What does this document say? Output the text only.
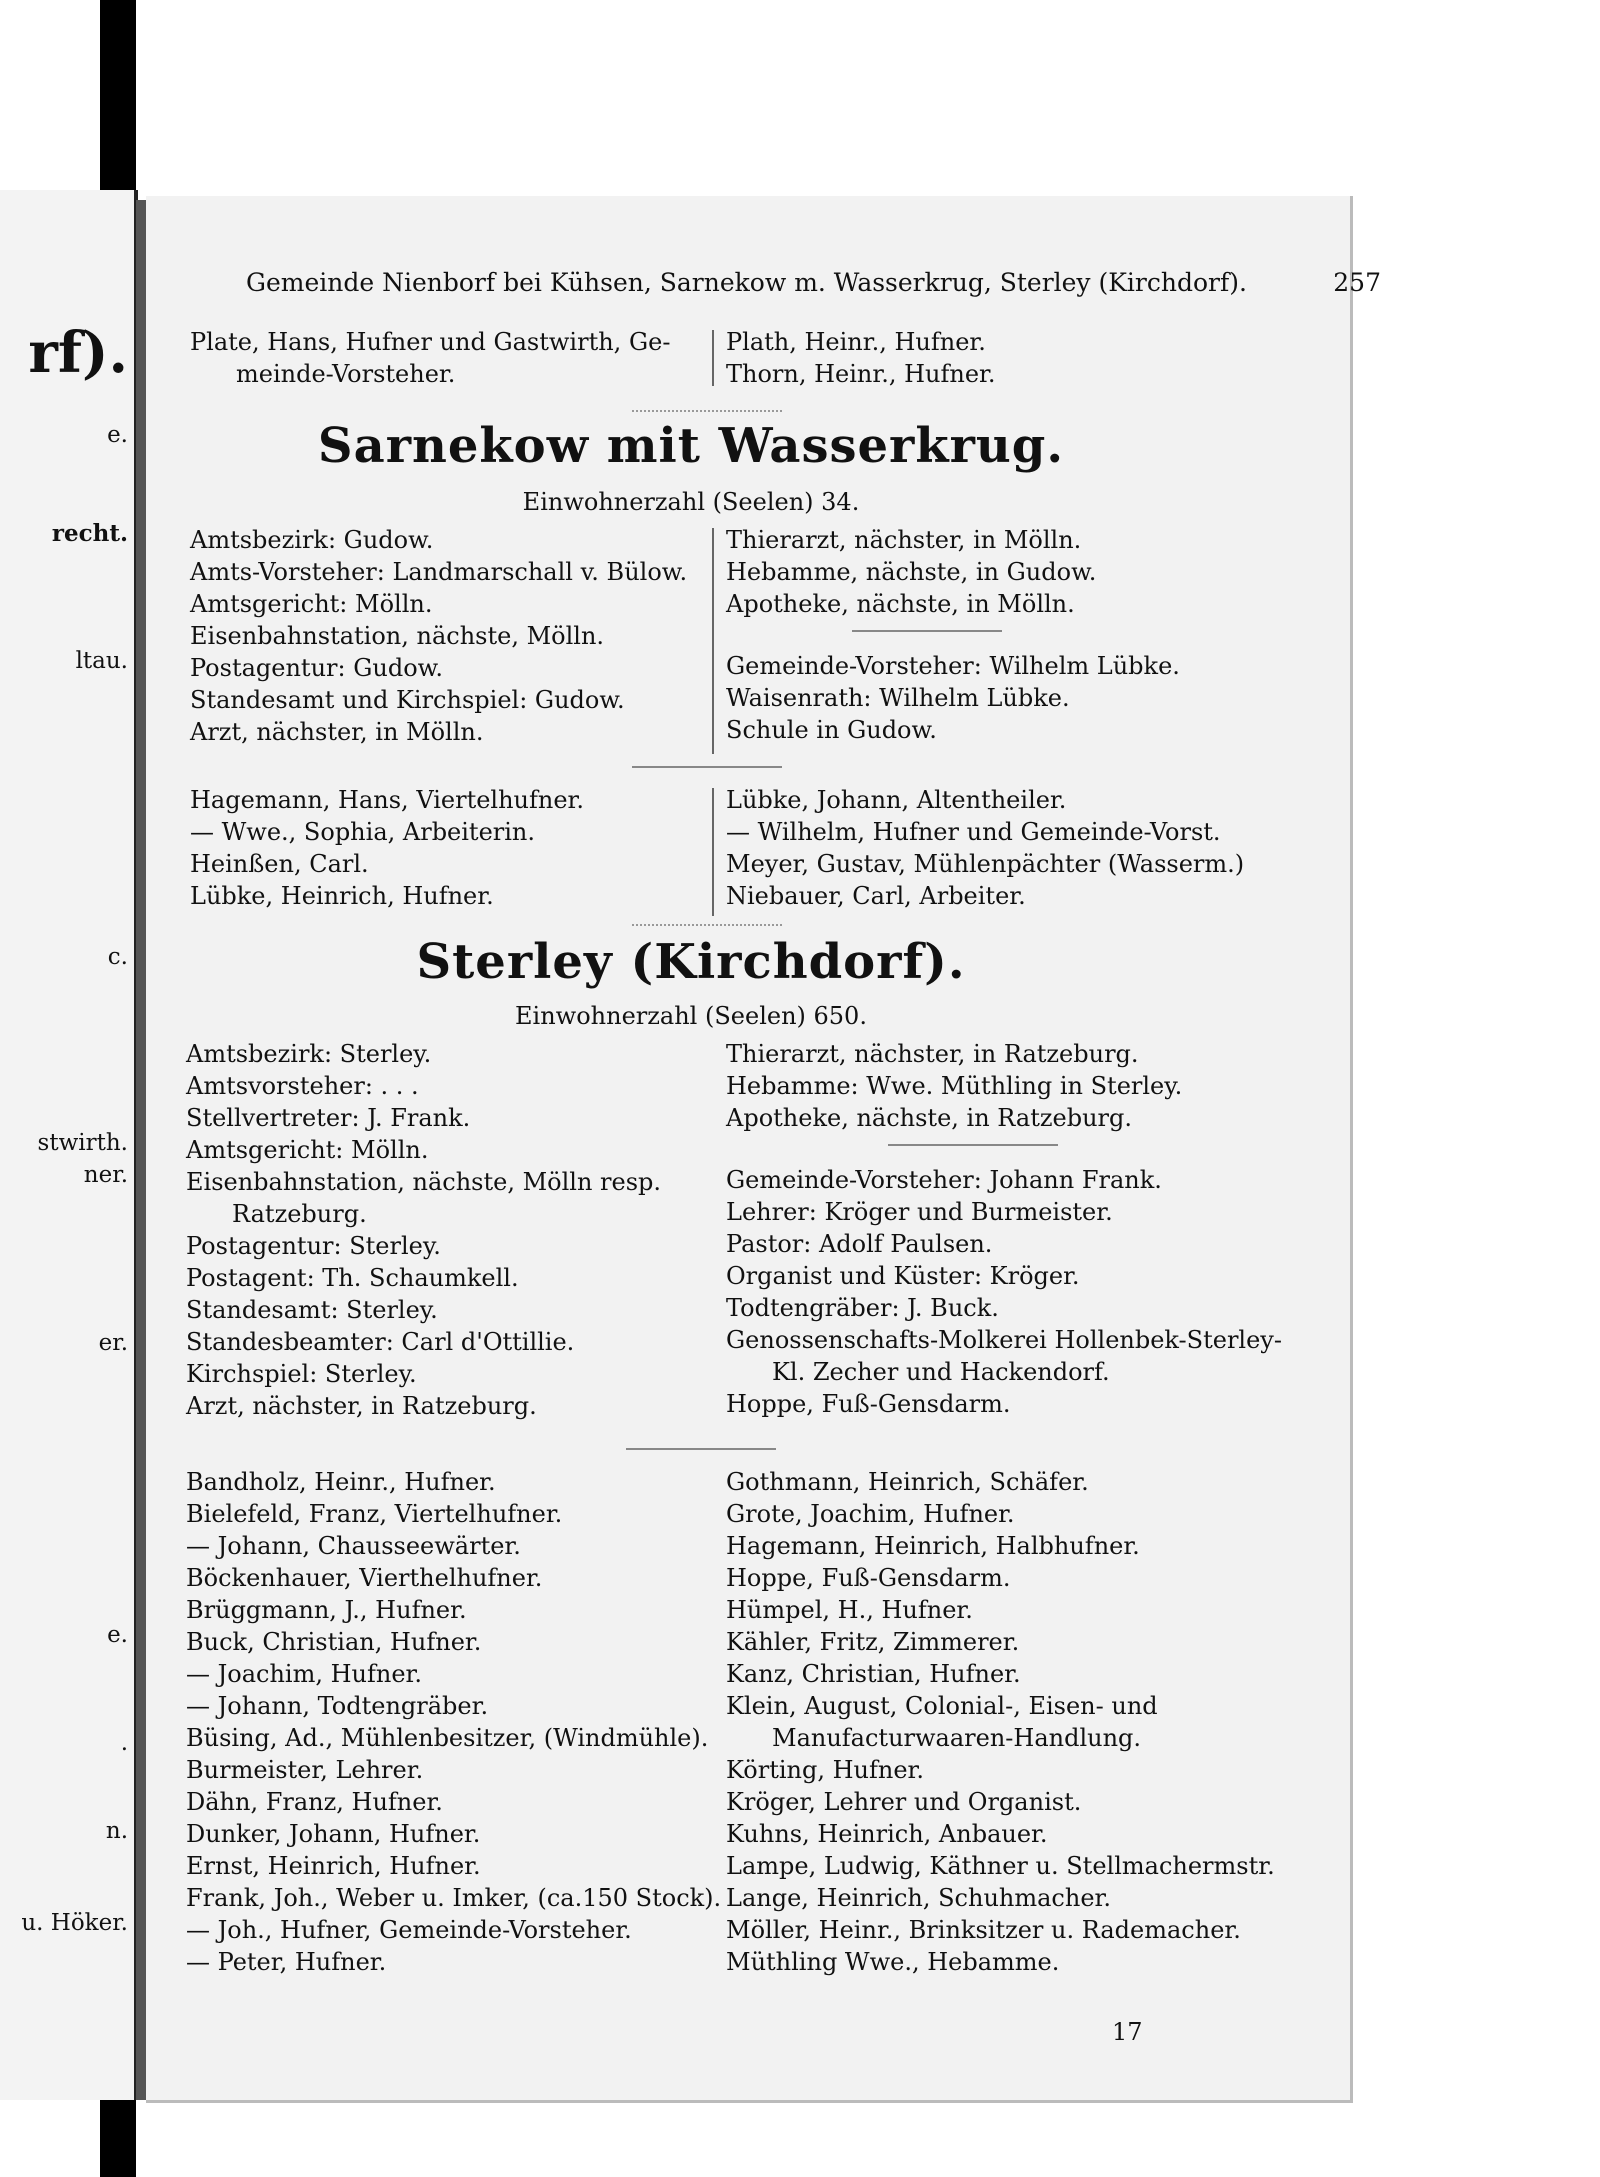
rf).
e.
recht.
ltau.
c.
stwirth.
ner.
er.
e.
.
n.
u. Höker.
Gemeinde Nienborf bei Kühsen, Sarnekow m. Wasserkrug, Sterley (Kirchdorf).	257
Plate, Hans, Hufner und Gastwirth, Ge-
meinde-Vorsteher.
Plath, Heinr., Hufner.
Thorn, Heinr., Hufner.
Sarnekow mit Wasserkrug.
Einwohnerzahl (Seelen) 34.
Amtsbezirk: Gudow.
Amts-Vorsteher: Landmarschall v. Bülow.
Amtsgericht: Mölln.
Eisenbahnstation, nächste, Mölln.
Postagentur: Gudow.
Standesamt und Kirchspiel: Gudow.
Arzt, nächster, in Mölln.
Thierarzt, nächster, in Mölln.
Hebamme, nächste, in Gudow.
Apotheke, nächste, in Mölln.
Gemeinde-Vorsteher: Wilhelm Lübke.
Waisenrath: Wilhelm Lübke.
Schule in Gudow.
Hagemann, Hans, Viertelhufner.
— Wwe., Sophia, Arbeiterin.
Heinßen, Carl.
Lübke, Heinrich, Hufner.
Lübke, Johann, Altentheiler.
— Wilhelm, Hufner und Gemeinde-Vorst.
Meyer, Gustav, Mühlenpächter (Wasserm.)
Niebauer, Carl, Arbeiter.
Sterley (Kirchdorf).
Einwohnerzahl (Seelen) 650.
Amtsbezirk: Sterley.
Amtsvorsteher: . . .
Stellvertreter: J. Frank.
Amtsgericht: Mölln.
Eisenbahnstation, nächste, Mölln resp.
Ratzeburg.
Postagentur: Sterley.
Postagent: Th. Schaumkell.
Standesamt: Sterley.
Standesbeamter: Carl d'Ottillie.
Kirchspiel: Sterley.
Arzt, nächster, in Ratzeburg.
Thierarzt, nächster, in Ratzeburg.
Hebamme: Wwe. Müthling in Sterley.
Apotheke, nächste, in Ratzeburg.
Gemeinde-Vorsteher: Johann Frank.
Lehrer: Kröger und Burmeister.
Pastor: Adolf Paulsen.
Organist und Küster: Kröger.
Todtengräber: J. Buck.
Genossenschafts-Molkerei Hollenbek-Sterley-
Kl. Zecher und Hackendorf.
Hoppe, Fuß-Gensdarm.
Bandholz, Heinr., Hufner.
Bielefeld, Franz, Viertelhufner.
— Johann, Chausseewärter.
Böckenhauer, Vierthelhufner.
Brüggmann, J., Hufner.
Buck, Christian, Hufner.
— Joachim, Hufner.
— Johann, Todtengräber.
Büsing, Ad., Mühlenbesitzer, (Windmühle).
Burmeister, Lehrer.
Dähn, Franz, Hufner.
Dunker, Johann, Hufner.
Ernst, Heinrich, Hufner.
Frank, Joh., Weber u. Imker, (ca.150 Stock).
— Joh., Hufner, Gemeinde-Vorsteher.
— Peter, Hufner.
Gothmann, Heinrich, Schäfer.
Grote, Joachim, Hufner.
Hagemann, Heinrich, Halbhufner.
Hoppe, Fuß-Gensdarm.
Hümpel, H., Hufner.
Kähler, Fritz, Zimmerer.
Kanz, Christian, Hufner.
Klein, August, Colonial-, Eisen- und
Manufacturwaaren-Handlung.
Körting, Hufner.
Kröger, Lehrer und Organist.
Kuhns, Heinrich, Anbauer.
Lampe, Ludwig, Käthner u. Stellmachermstr.
Lange, Heinrich, Schuhmacher.
Möller, Heinr., Brinksitzer u. Rademacher.
Müthling Wwe., Hebamme.
17
